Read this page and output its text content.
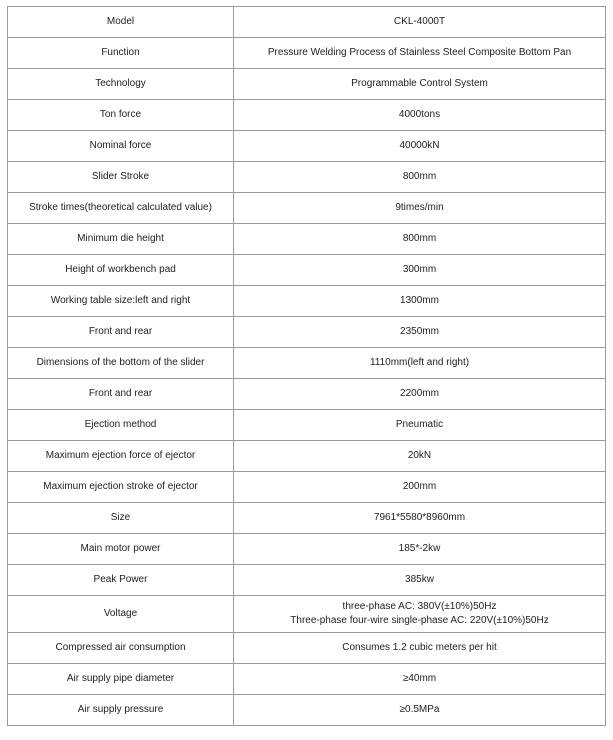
Model	CKL-4000T
Function	Pressure Welding Process of Stainless Steel Composite Bottom Pan
Technology	Programmable Control System
Ton force	4000tons
Nominal force	40000kN
Slider Stroke	800mm
Stroke times(theoretical calculated value)	9times/min
Minimum die height	800mm
Height of workbench pad	300mm
Working table size:left and right	1300mm
Front and rear	2350mm
Dimensions of the bottom of the slider	1110mm(left and right)
Front and rear	2200mm
Ejection method	Pneumatic
Maximum ejection force of ejector	20kN
Maximum ejection stroke of ejector	200mm
Size	7961*5580*8960mm
Main motor power	185*-2kw
Peak Power	385kw
Voltage	three-phase AC: 380V(±10%)50Hz
Three-phase four-wire single-phase AC: 220V(±10%)50Hz

Compressed air consumption	Consumes 1.2 cubic meters per hit
Air supply pipe diameter	≥40mm
Air supply pressure	≥0.5MPa
